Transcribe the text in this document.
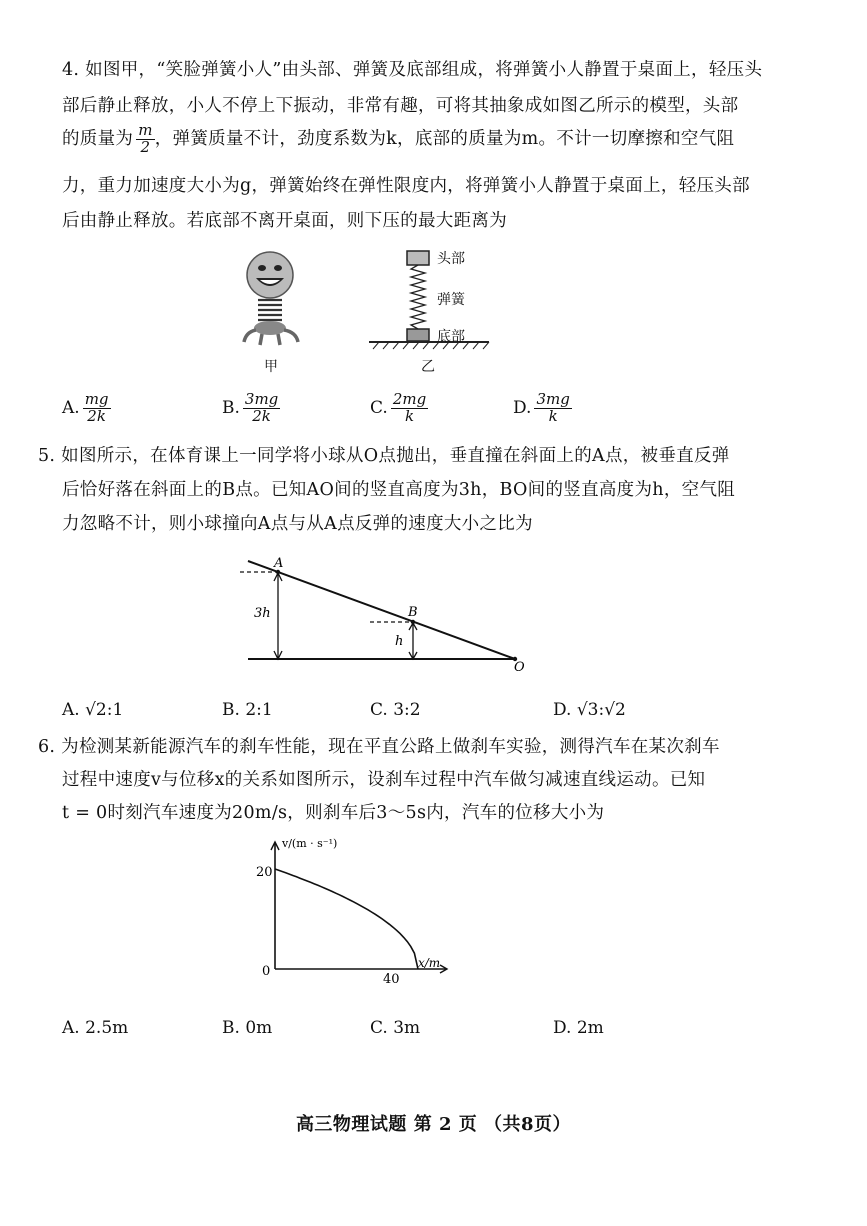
4. 如图甲，“笑脸弹簧小人”由头部、弹簧及底部组成，将弹簧小人静置于桌面上，轻压头
部后静止释放，小人不停上下振动，非常有趣，可将其抽象成如图乙所示的模型，头部
的质量为 $\frac{m}{2}$ ，弹簧质量不计，劲度系数为k，底部的质量为m。不计一切摩擦和空气阻
力，重力加速度大小为g，弹簧始终在弹性限度内，将弹簧小人静置于桌面上，轻压头部
后由静止释放。若底部不离开桌面，则下压的最大距离为
甲
头部
弹簧
底部
乙
A. $\frac{mg}{2k}$	B. $\frac{3mg}{2k}$	C. $\frac{2mg}{k}$	D. $\frac{3mg}{k}$
5. 如图所示，在体育课上一同学将小球从O点抛出，垂直撞在斜面上的A点，被垂直反弹
后恰好落在斜面上的B点。已知AO间的竖直高度为3h，BO间的竖直高度为h，空气阻
力忽略不计，则小球撞向A点与从A点反弹的速度大小之比为
A
B
O
3h
h
A. √2:1	B. 2:1	C. 3:2	D. √3:√2
6. 为检测某新能源汽车的刹车性能，现在平直公路上做刹车实验，测得汽车在某次刹车
过程中速度v与位移x的关系如图所示，设刹车过程中汽车做匀减速直线运动。已知
t = 0时刻汽车速度为20m/s，则刹车后3～5s内，汽车的位移大小为
v/(m · s⁻¹)
x/m
20
40
0
A. 2.5m	B. 0m	C. 3m	D. 2m
高三物理试题 第 2 页 （共8页）
